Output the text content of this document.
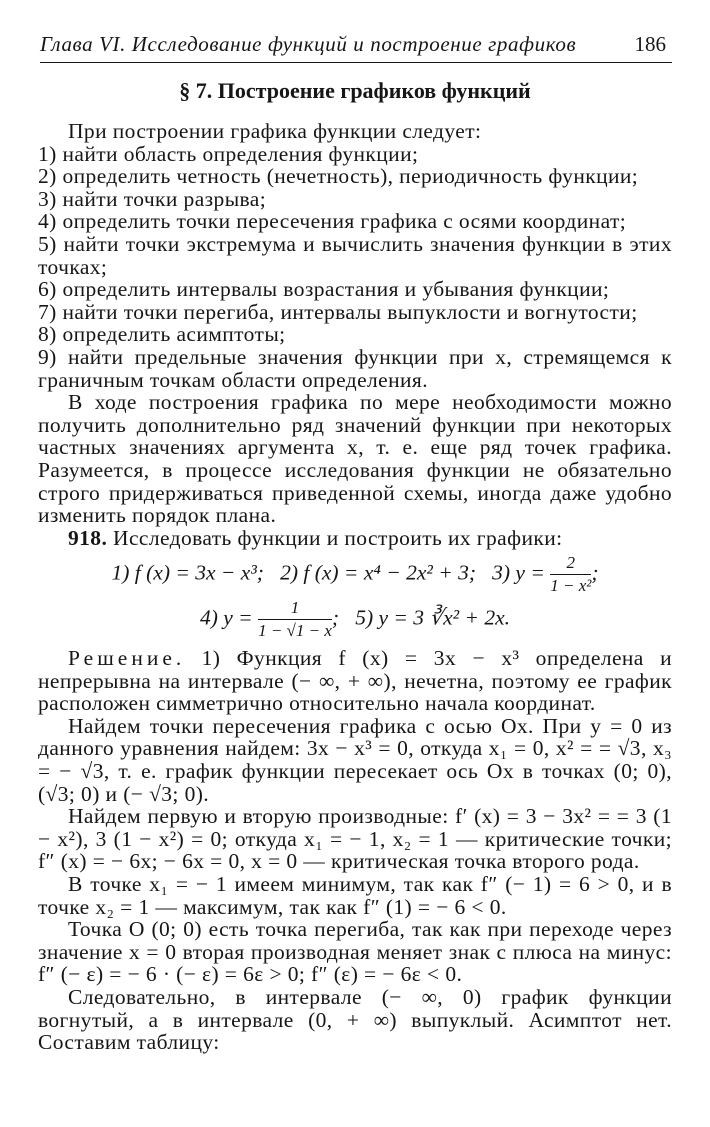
Глава VI. Исследование функций и построение графиков	186
§ 7. Построение графиков функций

При построении графика функции следует:

1) найти область определения функции;

2) определить четность (нечетность), периодичность функции;

3) найти точки разрыва;

4) определить точки пересечения графика с осями координат;

5) найти точки экстремума и вычислить значения функции в этих точках;

6) определить интервалы возрастания и убывания функции;

7) найти точки перегиба, интервалы выпуклости и вогнутости;

8) определить асимптоты;

9) найти предельные значения функции при x, стремящемся к граничным точкам области определения.

В ходе построения графика по мере необходимости можно получить дополнительно ряд значений функции при некоторых частных значениях аргумента x, т. е. еще ряд точек графика. Разумеется, в процессе исследования функции не обязательно строго придерживаться приведенной схемы, иногда даже удобно изменить порядок плана.

918. Исследовать функции и построить их графики:

1) f (x) = 3x − x³; 2) f (x) = x⁴ − 2x² + 3; 3) $y = \frac{2}{\text{1 − x²}}$ ;
4) $y = \frac{1}{1 - √1 - x}$ ; 5) y = 3 ∛x² + 2x.

Решение. 1) Функция f (x) = 3x − x³ определена и непрерывна на интервале (− ∞, + ∞), нечетна, поэтому ее график расположен симметрично относительно начала координат.

Найдем точки пересечения графика с осью Ox. При y = 0 из данного уравнения найдем: 3x − x³ = 0, откуда x₁ = 0, x² = = √3, x₃ = − √3, т. е. график функции пересекает ось Ox в точках (0; 0), (√3; 0) и (− √3; 0).

Найдем первую и вторую производные: f′ (x) = 3 − 3x² = = 3 (1 − x²), 3 (1 − x²) = 0; откуда x₁ = − 1, x₂ = 1 — критические точки; f″ (x) = − 6x; − 6x = 0, x = 0 — критическая точка второго рода.

В точке x₁ = − 1 имеем минимум, так как f″ (− 1) = 6 > 0, и в точке x₂ = 1 — максимум, так как f″ (1) = − 6 < 0.

Точка O (0; 0) есть точка перегиба, так как при переходе через значение x = 0 вторая производная меняет знак с плюса на минус: f″ (− ε) = − 6 · (− ε) = 6ε > 0; f″ (ε) = − 6ε < 0.

Следовательно, в интервале (− ∞, 0) график функции вогнутый, а в интервале (0, + ∞) выпуклый. Асимптот нет. Составим таблицу:
